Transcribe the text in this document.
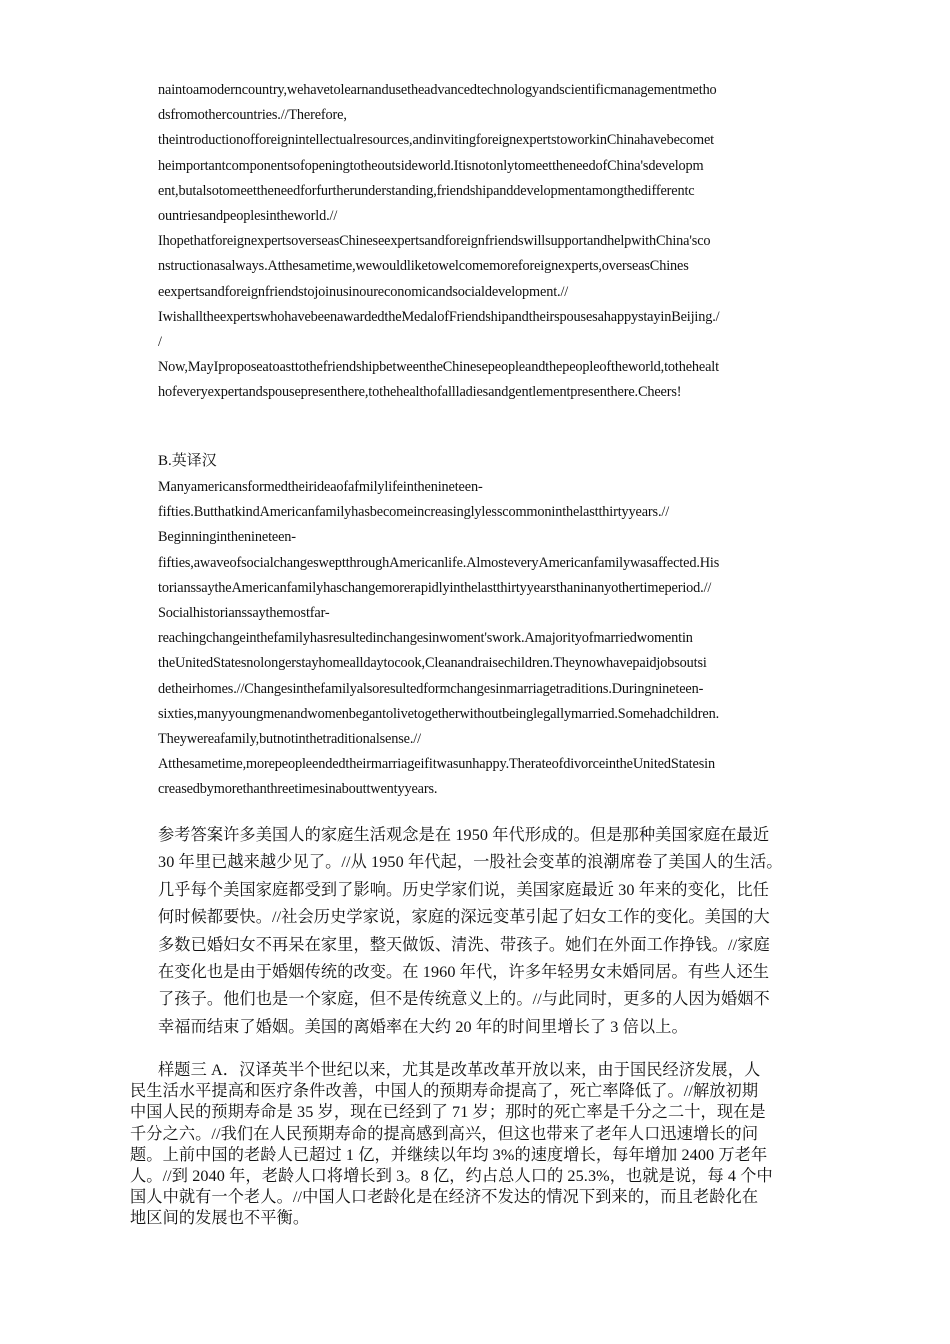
naintoamoderncountry,wehavetolearnandusetheadvancedtechnologyandscientificmanagementmetho
dsfromothercountries.//Therefore,
theintroductionofforeignintellectualresources,andinvitingforeignexpertstoworkinChinahavebecomet
heimportantcomponentsofopeningtotheoutsideworld.ItisnotonlytomeettheneedofChina'sdevelopm
ent,butalsotomeettheneedforfurtherunderstanding,friendshipanddevelopmentamongthedifferentc
ountriesandpeoplesintheworld.//
IhopethatforeignexpertsoverseasChineseexpertsandforeignfriendswillsupportandhelpwithChina'sco
nstructionasalways.Atthesametime,wewouldliketowelcomemoreforeignexperts,overseasChines
eexpertsandforeignfriendstojoinusinoureconomicandsocialdevelopment.//
IwishalltheexpertswhohavebeenawardedtheMedalofFriendshipandtheirspousesahappystayinBeijing./
/
Now,MayIproposeatoasttothefriendshipbetweentheChinesepeopleandthepeopleoftheworld,tothehealt
hofeveryexpertandspousepresenthere,tothehealthofallladiesandgentlementpresenthere.Cheers!
B.英译汉
Manyamericansformedtheirideaofafmilylifeinthenineteen-
fifties.ButthatkindAmericanfamilyhasbecomeincreasinglylesscommoninthelastthirtyyears.//
Beginninginthenineteen-
fifties,awaveofsocialchangesweptthroughAmericanlife.AlmosteveryAmericanfamilywasaffected.His
torianssaytheAmericanfamilyhaschangemorerapidlyinthelastthirtyyearsthaninanyothertimeperiod.//
Socialhistorianssaythemostfar-
reachingchangeinthefamilyhasresultedinchangesinwoment'swork.Amajorityofmarriedwomentin
theUnitedStatesnolongerstayhomealldaytocook,Cleanandraisechildren.Theynowhavepaidjobsoutsi
detheirhomes.//Changesinthefamilyalsoresultedformchangesinmarriagetraditions.Duringnineteen-
sixties,manyyoungmenandwomenbegantolivetogetherwithoutbeinglegallymarried.Somehadchildren.
Theywereafamily,butnotinthetraditionalsense.//
Atthesametime,morepeopleendedtheirmarriageifitwasunhappy.TherateofdivorceintheUnitedStatesin
creasedbymorethanthreetimesinabouttwentyyears.
参考答案许多美国人的家庭生活观念是在 1950 年代形成的。但是那种美国家庭在最近
30 年里已越来越少见了。//从 1950 年代起，一股社会变革的浪潮席卷了美国人的生活。
几乎每个美国家庭都受到了影响。历史学家们说，美国家庭最近 30 年来的变化，比任
何时候都要快。//社会历史学家说，家庭的深远变革引起了妇女工作的变化。美国的大
多数已婚妇女不再呆在家里，整天做饭、清洗、带孩子。她们在外面工作挣钱。//家庭
在变化也是由于婚姻传统的改变。在 1960 年代，许多年轻男女未婚同居。有些人还生
了孩子。他们也是一个家庭，但不是传统意义上的。//与此同时，更多的人因为婚姻不
幸福而结束了婚姻。美国的离婚率在大约 20 年的时间里增长了 3 倍以上。
样题三 A．汉译英半个世纪以来，尤其是改革改革开放以来，由于国民经济发展，人
民生活水平提高和医疗条件改善，中国人的预期寿命提高了，死亡率降低了。//解放初期
中国人民的预期寿命是 35 岁，现在已经到了 71 岁；那时的死亡率是千分之二十，现在是
千分之六。//我们在人民预期寿命的提高感到高兴，但这也带来了老年人口迅速增长的问
题。上前中国的老龄人已超过 1 亿，并继续以年均 3%的速度增长，每年增加 2400 万老年
人。//到 2040 年，老龄人口将增长到 3。8 亿，约占总人口的 25.3%，也就是说，每 4 个中
国人中就有一个老人。//中国人口老龄化是在经济不发达的情况下到来的，而且老龄化在
地区间的发展也不平衡。
